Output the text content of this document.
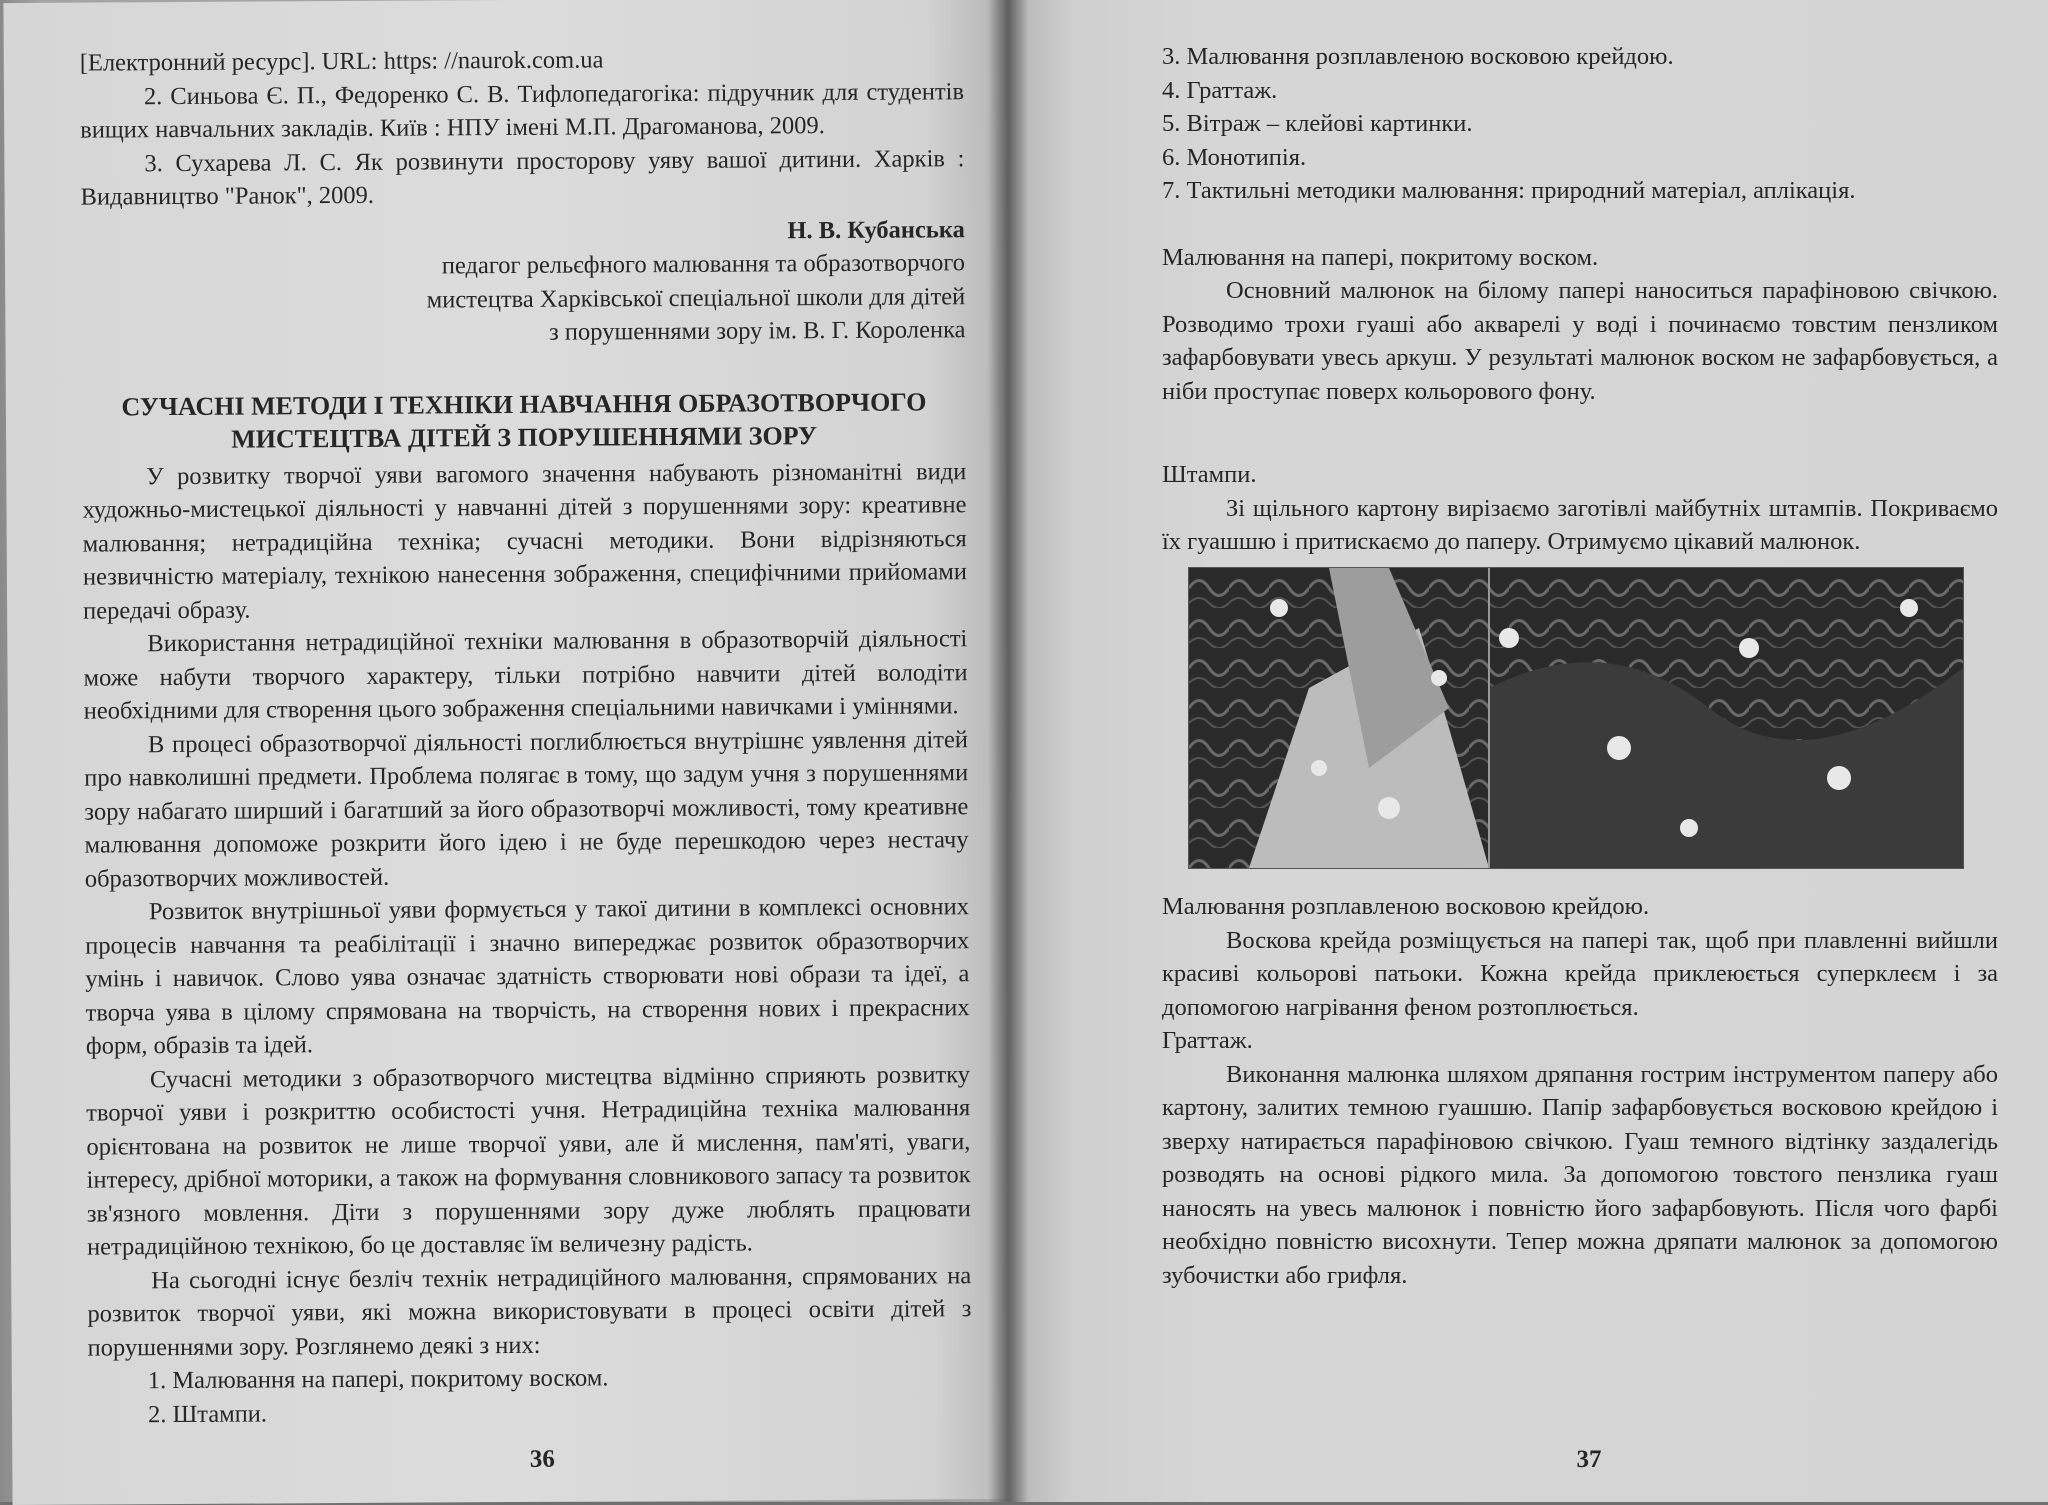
[Електронний ресурс]. URL: https: //naurok.com.ua

2. Синьова Є. П., Федоренко С. В. Тифлопедагогіка: підручник для студентів вищих навчальних закладів. Київ : НПУ імені М.П. Драгоманова, 2009.

3. Сухарева Л. С. Як розвинути просторову уяву вашої дитини. Харків : Видавництво "Ранок", 2009.

Н. В. Кубанська

педагог рельєфного малювання та образотворчого мистецтва Харківської спеціальної школи для дітей з порушеннями зору ім. В. Г. Короленка

СУЧАСНІ МЕТОДИ І ТЕХНІКИ НАВЧАННЯ ОБРАЗОТВОРЧОГО МИСТЕЦТВА ДІТЕЙ З ПОРУШЕННЯМИ ЗОРУ

У розвитку творчої уяви вагомого значення набувають різноманітні види художньо-мистецької діяльності у навчанні дітей з порушеннями зору: креативне малювання; нетрадиційна техніка; сучасні методики. Вони відрізняються незвичністю матеріалу, технікою нанесення зображення, специфічними прийомами передачі образу.

Використання нетрадиційної техніки малювання в образотворчій діяльності може набути творчого характеру, тільки потрібно навчити дітей володіти необхідними для створення цього зображення спеціальними навичками і уміннями.

В процесі образотворчої діяльності поглиблюється внутрішнє уявлення дітей про навколишні предмети. Проблема полягає в тому, що задум учня з порушеннями зору набагато ширший і багатший за його образотворчі можливості, тому креативне малювання допоможе розкрити його ідею і не буде перешкодою через нестачу образотворчих можливостей.

Розвиток внутрішньої уяви формується у такої дитини в комплексі основних процесів навчання та реабілітації і значно випереджає розвиток образотворчих умінь і навичок. Слово уява означає здатність створювати нові образи та ідеї, а творча уява в цілому спрямована на творчість, на створення нових і прекрасних форм, образів та ідей.

Сучасні методики з образотворчого мистецтва відмінно сприяють розвитку творчої уяви і розкриттю особистості учня. Нетрадиційна техніка малювання орієнтована на розвиток не лише творчої уяви, але й мислення, пам'яті, уваги, інтересу, дрібної моторики, а також на формування словникового запасу та розвиток зв'язного мовлення. Діти з порушеннями зору дуже люблять працювати нетрадиційною технікою, бо це доставляє їм величезну радість.

На сьогодні існує безліч технік нетрадиційного малювання, спрямованих на розвиток творчої уяви, які можна використовувати в процесі освіти дітей з порушеннями зору. Розглянемо деякі з них:

1. Малювання на папері, покритому воском.

2. Штампи.

36

3. Малювання розплавленою восковою крейдою.

4. Граттаж.

5. Вітраж – клейові картинки.

6. Монотипія.

7. Тактильні методики малювання: природний матеріал, аплікація.

Малювання на папері, покритому воском.

Основний малюнок на білому папері наноситься парафіновою свічкою. Розводимо трохи гуаші або акварелі у воді і починаємо товстим пензликом зафарбовувати увесь аркуш. У результаті малюнок воском не зафарбовується, а ніби проступає поверх кольорового фону.

Штампи.

Зі щільного картону вирізаємо заготівлі майбутніх штампів. Покриваємо їх гуашшю і притискаємо до паперу. Отримуємо цікавий малюнок.

Малювання розплавленою восковою крейдою.

Воскова крейда розміщується на папері так, щоб при плавленні вийшли красиві кольорові патьоки. Кожна крейда приклеюється суперклеєм і за допомогою нагрівання феном розтоплюється.

Граттаж.

Виконання малюнка шляхом дряпання гострим інструментом паперу або картону, залитих темною гуашшю. Папір зафарбовується восковою крейдою і зверху натирається парафіновою свічкою. Гуаш темного відтінку заздалегідь розводять на основі рідкого мила. За допомогою товстого пензлика гуаш наносять на увесь малюнок і повністю його зафарбовують. Після чого фарбі необхідно повністю висохнути. Тепер можна дряпати малюнок за допомогою зубочистки або грифля.

37
